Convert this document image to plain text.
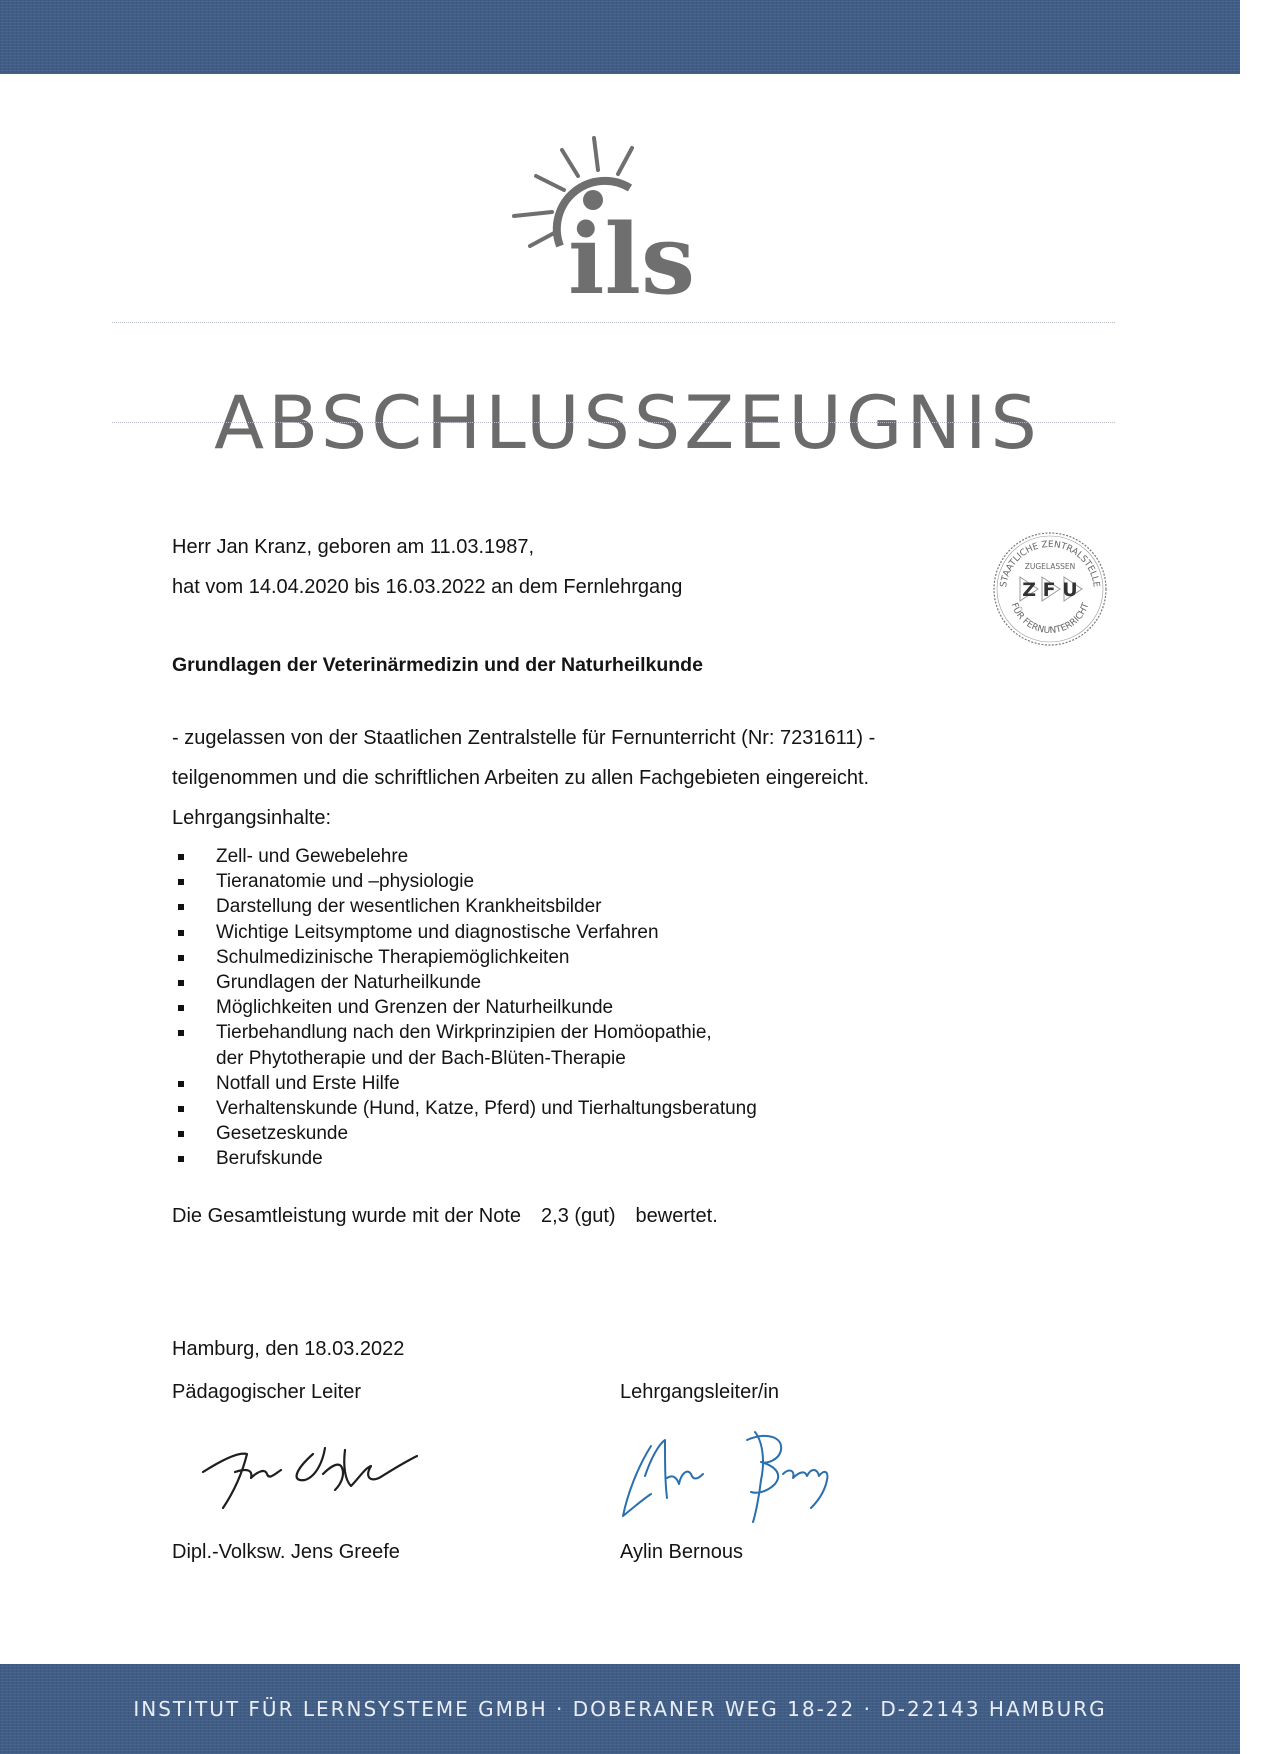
ils
ABSCHLUSSZEUGNIS
Herr Jan Kranz, geboren am 11.03.1987,
hat vom 14.04.2020 bis 16.03.2022 an dem Fernlehrgang
Grundlagen der Veterinärmedizin und der Naturheilkunde
- zugelassen von der Staatlichen Zentralstelle für Fernunterricht (Nr: 7231611) -
teilgenommen und die schriftlichen Arbeiten zu allen Fachgebieten eingereicht.
Lehrgangsinhalte:
Zell- und Gewebelehre
Tieranatomie und –physiologie
Darstellung der wesentlichen Krankheitsbilder
Wichtige Leitsymptome und diagnostische Verfahren
Schulmedizinische Therapiemöglichkeiten
Grundlagen der Naturheilkunde
Möglichkeiten und Grenzen der Naturheilkunde
Tierbehandlung nach den Wirkprinzipien der Homöopathie,
der Phytotherapie und der Bach-Blüten-Therapie
Notfall und Erste Hilfe
Verhaltenskunde (Hund, Katze, Pferd) und Tierhaltungsberatung
Gesetzeskunde
Berufskunde
Die Gesamtleistung wurde mit der Note 2,3 (gut) bewertet.
STAATLICHE ZENTRALSTELLE
FÜR FERNUNTERRICHT
ZUGELASSEN
Z F U
Hamburg, den 18.03.2022
Pädagogischer Leiter	Lehrgangsleiter/in
Dipl.-Volksw. Jens Greefe	Aylin Bernous
INSTITUT FÜR LERNSYSTEME GMBH · DOBERANER WEG 18-22 · D-22143 HAMBURG
